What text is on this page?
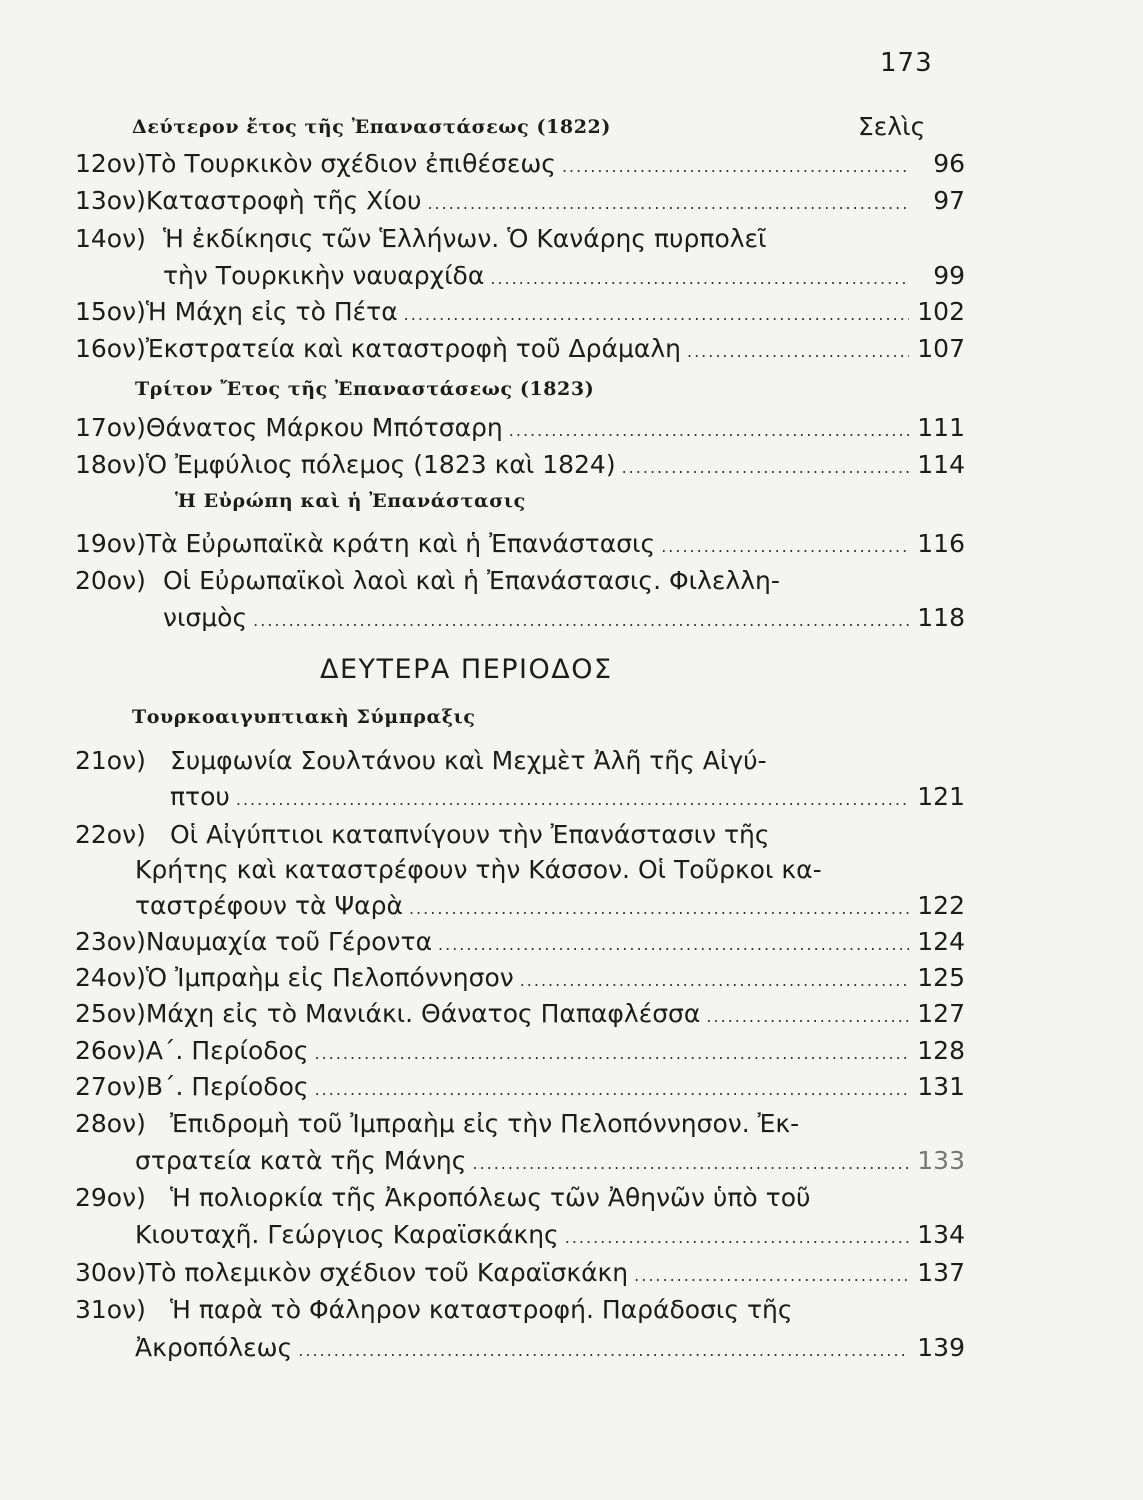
173
Δεύτερον ἔτος τῆς Ἐπαναστάσεως (1822)	Σελὶς
12ον) Τὸ Τουρκικὸν σχέδιον ἐπιθέσεως .....	96
13ον) Καταστροφὴ τῆς Χίου .....	97
14ον) Ἡ ἐκδίκησις τῶν Ἑλλήνων. Ὁ Κανάρης πυρπολεῖ
τὴν Τουρκικὴν ναυαρχίδα .....	99
15ον) Ἡ Μάχη εἰς τὸ Πέτα .....	102
16ον) Ἐκστρατεία καὶ καταστροφὴ τοῦ Δράμαλη .....	107
Τρίτον Ἔτος τῆς Ἐπαναστάσεως (1823)
17ον) Θάνατος Μάρκου Μπότσαρη .....	111
18ον) Ὁ Ἐμφύλιος πόλεμος (1823 καὶ 1824) .....	114
Ἡ Εὐρώπη καὶ ἡ Ἐπανάστασις
19ον) Τὰ Εὐρωπαϊκὰ κράτη καὶ ἡ Ἐπανάστασις .....	116
20ον) Οἱ Εὐρωπαϊκοὶ λαοὶ καὶ ἡ Ἐπανάστασις. Φιλελλη-
νισμὸς .....	118
ΔΕΥΤΕΡΑ ΠΕΡΙΟΔΟΣ
Τουρκοαιγυπτιακὴ Σύμπραξις
21ον) Συμφωνία Σουλτάνου καὶ Μεχμὲτ Ἀλῆ τῆς Αἰγύ-
πτου .....	121
22ον) Οἱ Αἰγύπτιοι καταπνίγουν τὴν Ἐπανάστασιν τῆς
Κρήτης καὶ καταστρέφουν τὴν Κάσσον. Οἱ Τοῦρκοι κα-
ταστρέφουν τὰ Ψαρὰ .....	122
23ον) Ναυμαχία τοῦ Γέροντα .....	124
24ον) Ὁ Ἰμπραὴμ εἰς Πελοπόννησον .....	125
25ον) Μάχη εἰς τὸ Μανιάκι. Θάνατος Παπαφλέσσα .....	127
26ον) Α΄. Περίοδος .....	128
27ον) Β΄. Περίοδος .....	131
28ον) Ἐπιδρομὴ τοῦ Ἰμπραὴμ εἰς τὴν Πελοπόννησον. Ἐκ-
στρατεία κατὰ τῆς Μάνης .....	133
29ον) Ἡ πολιορκία τῆς Ἀκροπόλεως τῶν Ἀθηνῶν ὑπὸ τοῦ
Κιουταχῆ. Γεώργιος Καραϊσκάκης .....	134
30ον) Τὸ πολεμικὸν σχέδιον τοῦ Καραϊσκάκη .....	137
31ον) Ἡ παρὰ τὸ Φάληρον καταστροφή. Παράδοσις τῆς
Ἀκροπόλεως .....	139
